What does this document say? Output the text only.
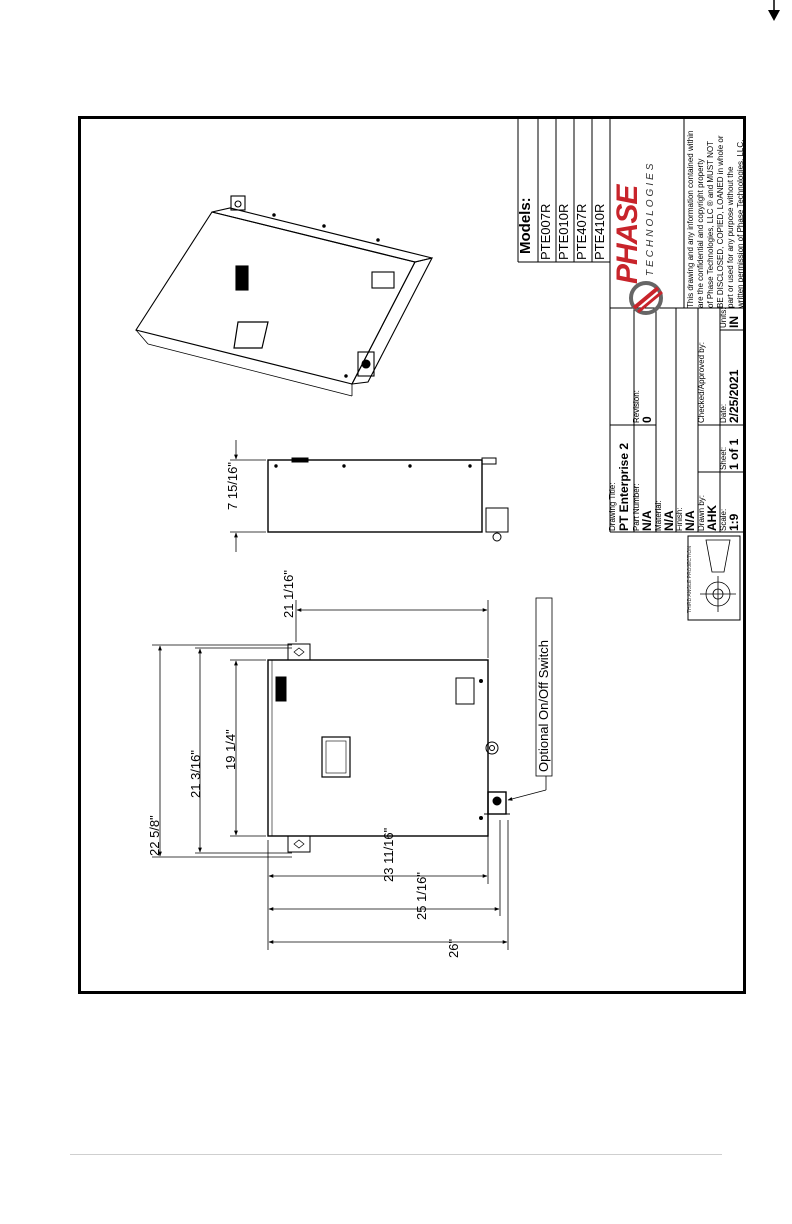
22 5/8"
21 3/16"
19 1/4"
23 11/16"
25 1/16"
26"
21 1/16"
7 15/16"
Optional On/Off Switch
Models: PTE007R PTE010R PTE407R PTE410R PHASE TECHNOLOGIES	This drawing and any information contained within are the confidential and copyright property of Phase Technologies, LLC ® and MUST NOT BE DISCLOSED, COPIED, LOANED in whole or part or used for any purpose without the written permission of Phase Technologies, LLC.
Drawing Title: PT Enterprise 2 Part Number: N/A
Revision: 0
Material: N/A Finish: N/A Drawn by: AHK
Checked/Approved by:
Scale: 1:9
Sheet: 1 of 1
Date: 2/25/2021
Units: IN
THIRD ANGLE PROJECTION
